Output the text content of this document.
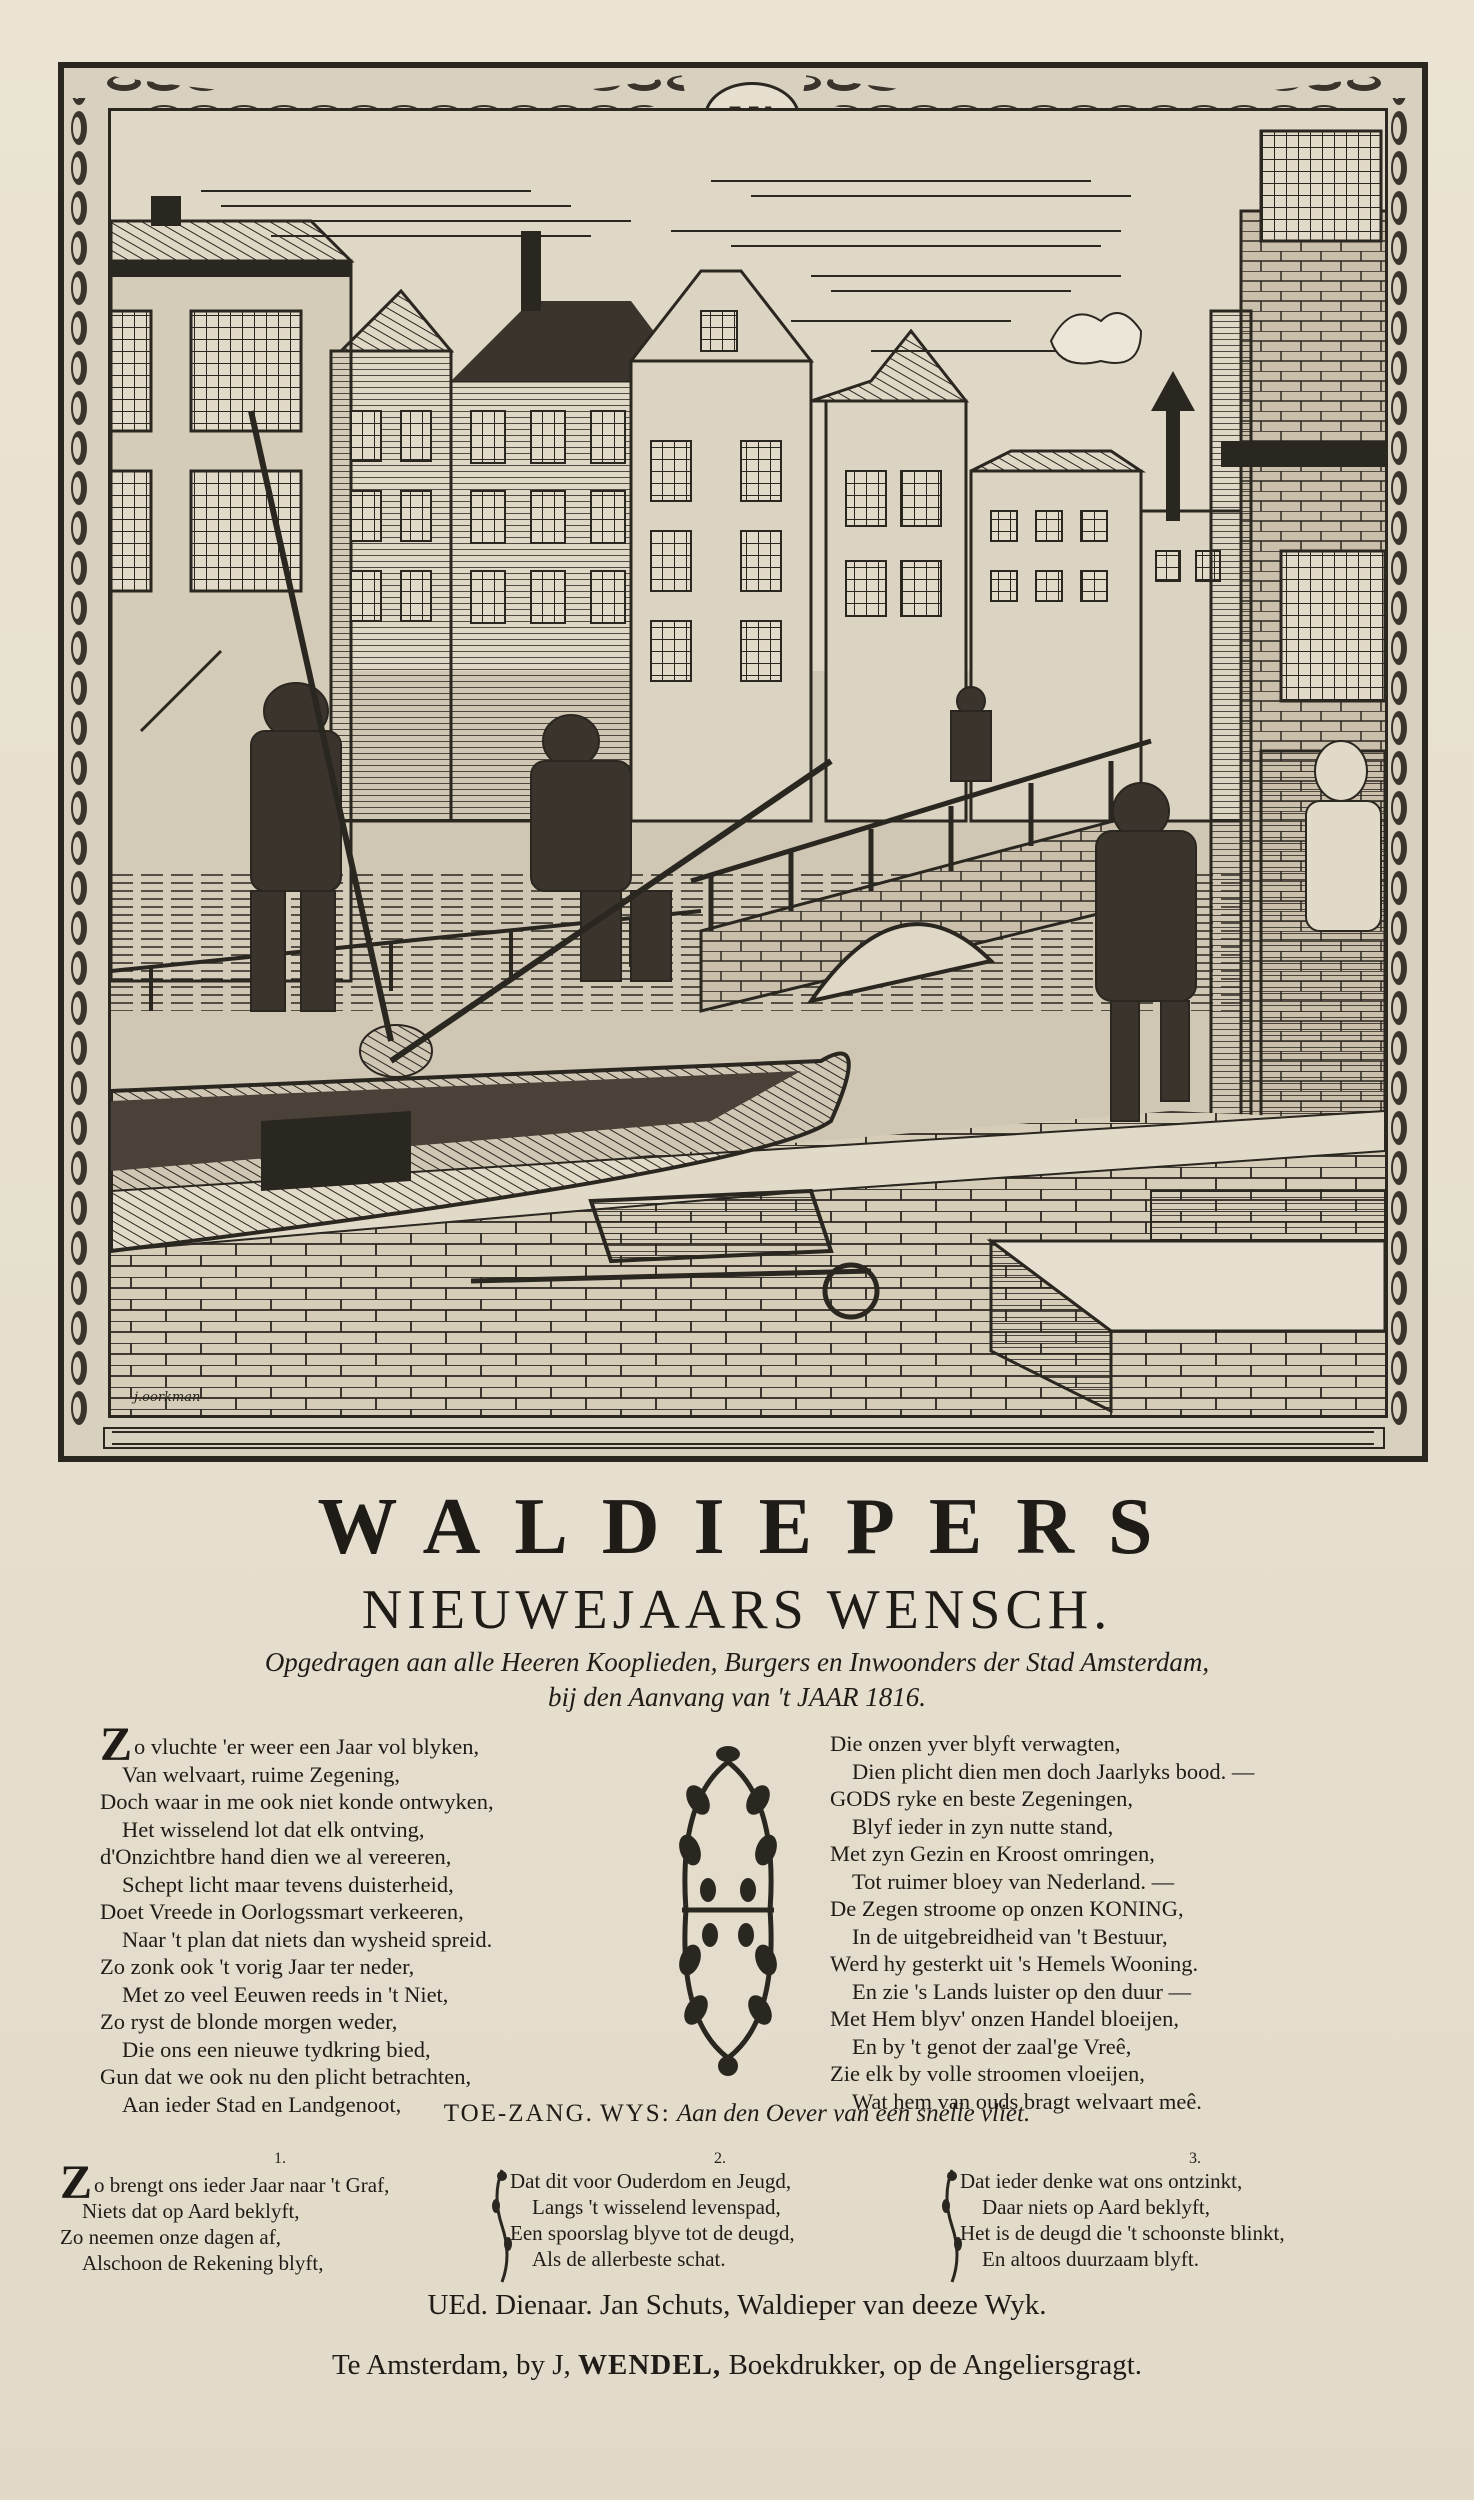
j.oorkman
WALDIEPERS
NIEUWEJAARS WENSCH.
Opgedragen aan alle Heeren Kooplieden, Burgers en Inwoonders der Stad Amsterdam,
bij den Aanvang van 't JAAR 1816.
Zo vluchte 'er weer een Jaar vol blyken,
Van welvaart, ruime Zegening,
Doch waar in me ook niet konde ontwyken,
Het wisselend lot dat elk ontving,
d'Onzichtbre hand dien we al vereeren,
Schept licht maar tevens duisterheid,
Doet Vreede in Oorlogssmart verkeeren,
Naar 't plan dat niets dan wysheid spreid.
Zo zonk ook 't vorig Jaar ter neder,
Met zo veel Eeuwen reeds in 't Niet,
Zo ryst de blonde morgen weder,
Die ons een nieuwe tydkring bied,
Gun dat we ook nu den plicht betrachten,
Aan ieder Stad en Landgenoot,
Die onzen yver blyft verwagten,
Dien plicht dien men doch Jaarlyks bood. —
GODS ryke en beste Zegeningen,
Blyf ieder in zyn nutte stand,
Met zyn Gezin en Kroost omringen,
Tot ruimer bloey van Nederland. —
De Zegen stroome op onzen KONING,
In de uitgebreidheid van 't Bestuur,
Werd hy gesterkt uit 's Hemels Wooning.
En zie 's Lands luister op den duur —
Met Hem blyv' onzen Handel bloeijen,
En by 't genot der zaal'ge Vreê,
Zie elk by volle stroomen vloeijen,
Wat hem van ouds bragt welvaart meê.
TOE-ZANG. WYS: Aan den Oever van een snelle vliet.
1.
Zo brengt ons ieder Jaar naar 't Graf,
Niets dat op Aard beklyft,
Zo neemen onze dagen af,
Alschoon de Rekening blyft,
2.
Dat dit voor Ouderdom en Jeugd,
Langs 't wisselend levenspad,
Een spoorslag blyve tot de deugd,
Als de allerbeste schat.
3.
Dat ieder denke wat ons ontzinkt,
Daar niets op Aard beklyft,
Het is de deugd die 't schoonste blinkt,
En altoos duurzaam blyft.
UEd. Dienaar. Jan Schuts, Waldieper van deeze Wyk.
Te Amsterdam, by J, WENDEL, Boekdrukker, op de Angeliersgragt.
